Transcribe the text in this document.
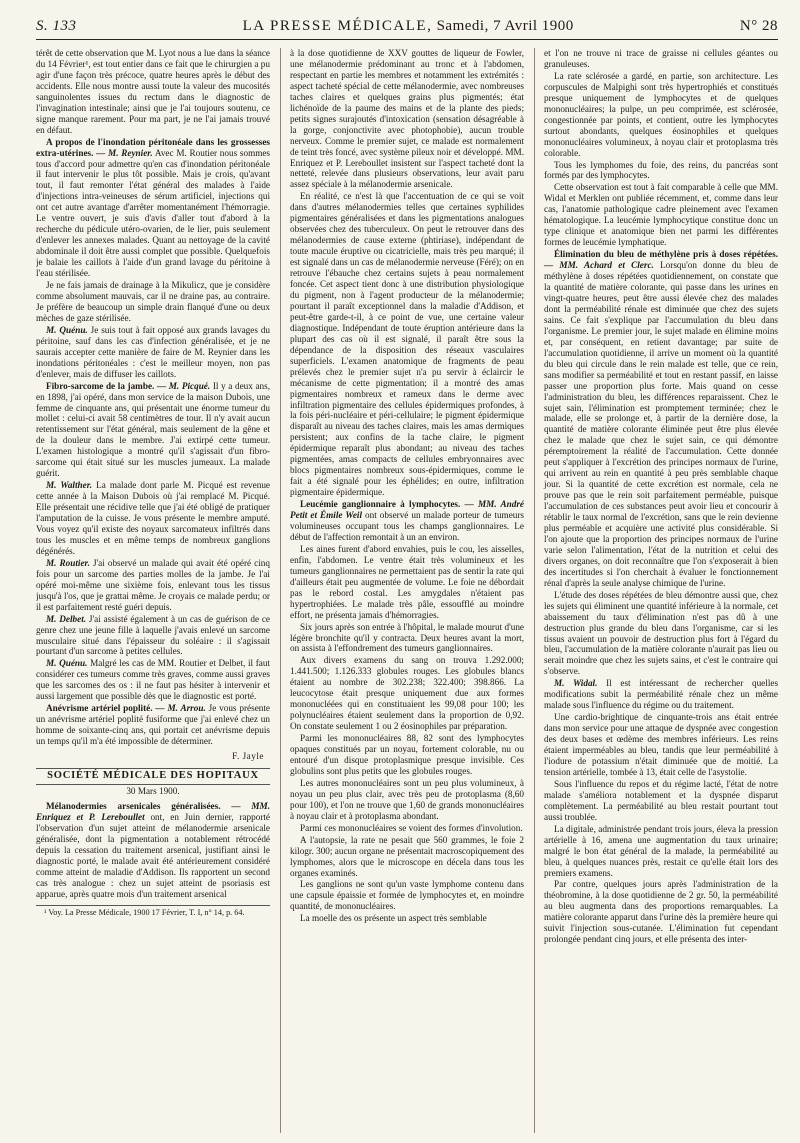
S. 133	LA PRESSE MÉDICALE, Samedi, 7 Avril 1900	N° 28

térêt de cette observation que M. Lyot nous a lue dans la séance du 14 Février¹, est tout entier dans ce fait que le chirurgien a pu agir d'une façon très précoce, quatre heures après le début des accidents. Elle nous montre aussi toute la valeur des mucosités sanguinolentes issues du rectum dans le diagnostic de l'invagination intestinale; ainsi que je l'ai toujours soutenu, ce signe manque rarement. Pour ma part, je ne l'ai jamais trouvé en défaut.

A propos de l'inondation péritonéale dans les grossesses extra-utérines. — M. Reynier. Avec M. Routier nous sommes tous d'accord pour admettre qu'en cas d'inondation péritonéale il faut intervenir le plus tôt possible. Mais je crois, qu'avant tout, il faut remonter l'état général des malades à l'aide d'injections intra-veineuses de sérum artificiel, injections qui ont cet autre avantage d'arrêter momentanément l'hémorragie. Le ventre ouvert, je suis d'avis d'aller tout d'abord à la recherche du pédicule utéro-ovarien, de le lier, puis seulement d'enlever les annexes malades. Quant au nettoyage de la cavité abdominale il doit être aussi complet que possible. Quelquefois je balaie les caillots à l'aide d'un grand lavage du péritoine à l'eau stérilisée.

Je ne fais jamais de drainage à la Mikulicz, que je considère comme absolument mauvais, car il ne draine pas, au contraire. Je préfère de beaucoup un simple drain flanqué d'une ou deux mèches de gaze stérilisée.

M. Quénu. Je suis tout à fait opposé aux grands lavages du péritoine, sauf dans les cas d'infection généralisée, et je ne saurais accepter cette manière de faire de M. Reynier dans les inondations péritonéales : c'est le meilleur moyen, non pas d'enlever, mais de diffuser les caillots.

Fibro-sarcome de la jambe. — M. Picqué. Il y a deux ans, en 1898, j'ai opéré, dans mon service de la maison Dubois, une femme de cinquante ans, qui présentait une énorme tumeur du mollet : celui-ci avait 58 centimètres de tour. Il n'y avait aucun retentissement sur l'état général, mais seulement de la gêne et de la douleur dans le membre. J'ai extirpé cette tumeur. L'examen histologique a montré qu'il s'agissait d'un fibro-sarcome qui était situé sur les muscles jumeaux. La malade guérit.

M. Walther. La malade dont parle M. Picqué est revenue cette année à la Maison Dubois où j'ai remplacé M. Picqué. Elle présentait une récidive telle que j'ai été obligé de pratiquer l'amputation de la cuisse. Je vous présente le membre amputé. Vous voyez qu'il existe des noyaux sarcomateux infiltrés dans tous les muscles et en même temps de nombreux ganglions dégénérés.

M. Routier. J'ai observé un malade qui avait été opéré cinq fois pour un sarcome des parties molles de la jambe. Je l'ai opéré moi-même une sixième fois, enlevant tous les tissus jusqu'à l'os, que je grattai même. Je croyais ce malade perdu; or il est parfaitement resté guéri depuis.

M. Delbet. J'ai assisté également à un cas de guérison de ce genre chez une jeune fille à laquelle j'avais enlevé un sarcome musculaire situé dans l'épaisseur du soléaire : il s'agissait pourtant d'un sarcome à petites cellules.

M. Quénu. Malgré les cas de MM. Routier et Delbet, il faut considérer ces tumeurs comme très graves, comme aussi graves que les sarcomes des os : il ne faut pas hésiter à intervenir et aussi largement que possible dès que le diagnostic est porté.

Anévrisme artériel poplité. — M. Arrou. Je vous présente un anévrisme artériel poplité fusiforme que j'ai enlevé chez un homme de soixante-cinq ans, qui portait cet anévrisme depuis un temps qu'il m'a été impossible de déterminer.

F. Jayle

SOCIÉTÉ MÉDICALE DES HOPITAUX

30 Mars 1900.

Mélanodermies arsenicales généralisées. — MM. Enriquez et P. Lereboullet ont, en Juin dernier, rapporté l'observation d'un sujet atteint de mélanodermie arsenicale généralisée, dont la pigmentation a notablement rétrocédé depuis la cessation du traitement arsenical, justifiant ainsi le diagnostic porté, le malade avait été antérieurement considéré comme atteint de maladie d'Addison. Ils rapportent un second cas très analogue : chez un sujet atteint de psoriasis est apparue, après quatre mois d'un traitement arsenical

¹ Voy. La Presse Médicale, 1900 17 Février, T. I, n° 14, p. 64.

à la dose quotidienne de XXV gouttes de liqueur de Fowler, une mélanodermie prédominant au tronc et à l'abdomen, respectant en partie les membres et notamment les extrémités : aspect tacheté spécial de cette mélanodermie, avec nombreuses taches claires et quelques grains plus pigmentés; état lichénoïde de la paume des mains et de la plante des pieds; petits signes surajoutés d'intoxication (sensation désagréable à la gorge, conjonctivite avec photophobie), aucun trouble nerveux. Comme le premier sujet, ce malade est normalement de teint très foncé, avec système pileux noir et développé. MM. Enriquez et P. Lereboullet insistent sur l'aspect tacheté dont la netteté, relevée dans plusieurs observations, leur avait paru assez spéciale à la mélanodermie arsenicale.

En réalité, ce n'est là que l'accentuation de ce qui se voit dans d'autres mélanodermies telles que certaines syphilides pigmentaires généralisées et dans les pigmentations analogues observées chez des tuberculeux. On peut le retrouver dans des mélanodermies de cause externe (phtiriase), indépendant de toute macule éruptive ou cicatricielle, mais très peu marqué; il est signalé dans un cas de mélanodermie nerveuse (Féré); on en retrouve l'ébauche chez certains sujets à peau normalement foncée. Cet aspect tient donc à une distribution physiologique du pigment, non à l'agent producteur de la mélanodermie; pourtant il paraît exceptionnel dans la maladie d'Addison, et peut-être garde-t-il, à ce point de vue, une certaine valeur diagnostique. Indépendant de toute éruption antérieure dans la plupart des cas où il est signalé, il paraît être sous la dépendance de la disposition des réseaux vasculaires superficiels. L'examen anatomique de fragments de peau prélevés chez le premier sujet n'a pu servir à éclaircir le mécanisme de cette pigmentation; il a montré des amas pigmentaires nombreux et rameux dans le derme avec infiltration pigmentaire des cellules épidermiques profondes, à la fois péri-nucléaire et péri-cellulaire; le pigment épidermique disparaît au niveau des taches claires, mais les amas dermiques persistent; aux confins de la tache claire, le pigment épidermique reparaît plus abondant; au niveau des taches pigmentées, amas compacts de cellules embryonnaires avec blocs pigmentaires nombreux sous-épidermiques, comme le fait a été signalé pour les éphélides; en outre, infiltration pigmentaire épidermique.

Leucémie ganglionnaire à lymphocytes. — MM. André Petit et Émile Weil ont observé un malade porteur de tumeurs volumineuses occupant tous les champs ganglionnaires. Le début de l'affection remontait à un an environ.

Les aines furent d'abord envahies, puis le cou, les aisselles, enfin, l'abdomen. Le ventre était très volumineux et les tumeurs ganglionnaires ne permettaient pas de sentir la rate qui d'ailleurs était peu augmentée de volume. Le foie ne débordait pas le rebord costal. Les amygdales n'étaient pas hypertrophiées. Le malade très pâle, essoufflé au moindre effort, ne présenta jamais d'hémorragies.

Six jours après son entrée à l'hôpital, le malade mourut d'une légère bronchite qu'il y contracta. Deux heures avant la mort, on assista à l'effondrement des tumeurs ganglionnaires.

Aux divers examens du sang on trouva 1.292.000; 1.441.500; 1.126.333 globules rouges. Les globules blancs étaient au nombre de 302.238; 322.400; 398.866. La leucocytose était presque uniquement due aux formes mononucléées qui en constituaient les 99,08 pour 100; les polynucléaires étaient seulement dans la proportion de 0,92. On constate seulement 1 ou 2 éosinophiles par préparation.

Parmi les mononucléaires 88, 82 sont des lymphocytes opaques constitués par un noyau, fortement colorable, nu ou entouré d'un disque protoplasmique presque invisible. Ces globulins sont plus petits que les globules rouges.

Les autres mononucléaires sont un peu plus volumineux, à noyau un peu plus clair, avec très peu de protoplasma (8,60 pour 100), et l'on ne trouve que 1,60 de grands mononucléaires à noyau clair et à protoplasma abondant.

Parmi ces mononucléaires se voient des formes d'involution.

A l'autopsie, la rate ne pesait que 560 grammes, le foie 2 kilogr. 300; aucun organe ne présentait macroscopiquement des lymphomes, alors que le microscope en décela dans tous les organes examinés.

Les ganglions ne sont qu'un vaste lymphome contenu dans une capsule épaissie et formée de lymphocytes et, en moindre quantité, de mononucléaires.

La moelle des os présente un aspect très semblable

et l'on ne trouve ni trace de graisse ni cellules géantes ou granuleuses.

La rate sclérosée a gardé, en partie, son architecture. Les corpuscules de Malpighi sont très hypertrophiés et constitués presque uniquement de lymphocytes et de quelques mononucléaires; la pulpe, un peu comprimée, est sclérosée, congestionnée par points, et contient, outre les lymphocytes surtout abondants, quelques éosinophiles et quelques mononucléaires volumineux, à noyau clair et protoplasma très colorable.

Tous les lymphomes du foie, des reins, du pancréas sont formés par des lymphocytes.

Cette observation est tout à fait comparable à celle que MM. Widal et Merklen ont publiée récemment, et, comme dans leur cas, l'anatomie pathologique cadre pleinement avec l'examen hématologique. La leucémie lymphocytique constitue donc un type clinique et anatomique bien net parmi les différentes formes de leucémie lymphatique.

Élimination du bleu de méthylène pris à doses répétées. — MM. Achard et Clerc. Lorsqu'on donne du bleu de méthylène à doses répétées quotidiennement, on constate que la quantité de matière colorante, qui passe dans les urines en vingt-quatre heures, peut être aussi élevée chez des malades dont la perméabilité rénale est diminuée que chez des sujets sains. Ce fait s'explique par l'accumulation du bleu dans l'organisme. Le premier jour, le sujet malade en élimine moins et, par conséquent, en retient davantage; par suite de l'accumulation quotidienne, il arrive un moment où la quantité du bleu qui circule dans le rein malade est telle, que ce rein, sans modifier sa perméabilité et tout en restant passif, en laisse passer une proportion plus forte. Mais quand on cesse l'administration du bleu, les différences reparaissent. Chez le sujet sain, l'élimination est promptement terminée; chez le malade, elle se prolonge et, à partir de la dernière dose, la quantité de matière colorante éliminée peut être plus élevée chez le malade que chez le sujet sain, ce qui démontre péremptoirement la réalité de l'accumulation. Cette donnée peut s'appliquer à l'excrétion des principes normaux de l'urine, qui arrivent au rein en quantité à peu près semblable chaque jour. Si la quantité de cette excrétion est normale, cela ne prouve pas que le rein soit parfaitement perméable, puisque l'accumulation de ces substances peut avoir lieu et concourir à rétablir le taux normal de l'excrétion, sans que le rein devienne plus perméable et acquière une activité plus considérable. Si l'on ajoute que la proportion des principes normaux de l'urine varie selon l'alimentation, l'état de la nutrition et celui des divers organes, on doit reconnaître que l'on s'exposerait à bien des incertitudes si l'on cherchait à évaluer le fonctionnement rénal d'après la seule analyse chimique de l'urine.

L'étude des doses répétées de bleu démontre aussi que, chez les sujets qui éliminent une quantité inférieure à la normale, cet abaissement du taux d'élimination n'est pas dû à une destruction plus grande du bleu dans l'organisme, car si les tissus avaient un pouvoir de destruction plus fort à l'égard du bleu, l'accumulation de la matière colorante n'aurait pas lieu ou serait moindre que chez les sujets sains, et c'est le contraire qui s'observe.

M. Widal. Il est intéressant de rechercher quelles modifications subit la perméabilité rénale chez un même malade sous l'influence du régime ou du traitement.

Une cardio-brightique de cinquante-trois ans était entrée dans mon service pour une attaque de dyspnée avec congestion des deux bases et œdème des membres inférieurs. Les reins étaient imperméables au bleu, tandis que leur perméabilité à l'iodure de potassium n'était diminuée que de moitié. La tension artérielle, tombée à 13, était celle de l'asystolie.

Sous l'influence du repos et du régime lacté, l'état de notre malade s'améliora notablement et la dyspnée disparut complètement. La perméabilité au bleu restait pourtant tout aussi troublée.

La digitale, administrée pendant trois jours, éleva la pression artérielle à 16, amena une augmentation du taux urinaire; malgré le bon état général de la malade, la perméabilité au bleu, à quelques nuances près, restait ce qu'elle était lors des premiers examens.

Par contre, quelques jours après l'administration de la théobromine, à la dose quotidienne de 2 gr. 50, la perméabilité au bleu augmenta dans des proportions remarquables. La matière colorante apparut dans l'urine dès la première heure qui suivit l'injection sous-cutanée. L'élimination fut cependant prolongée pendant cinq jours, et elle présenta des inter-
